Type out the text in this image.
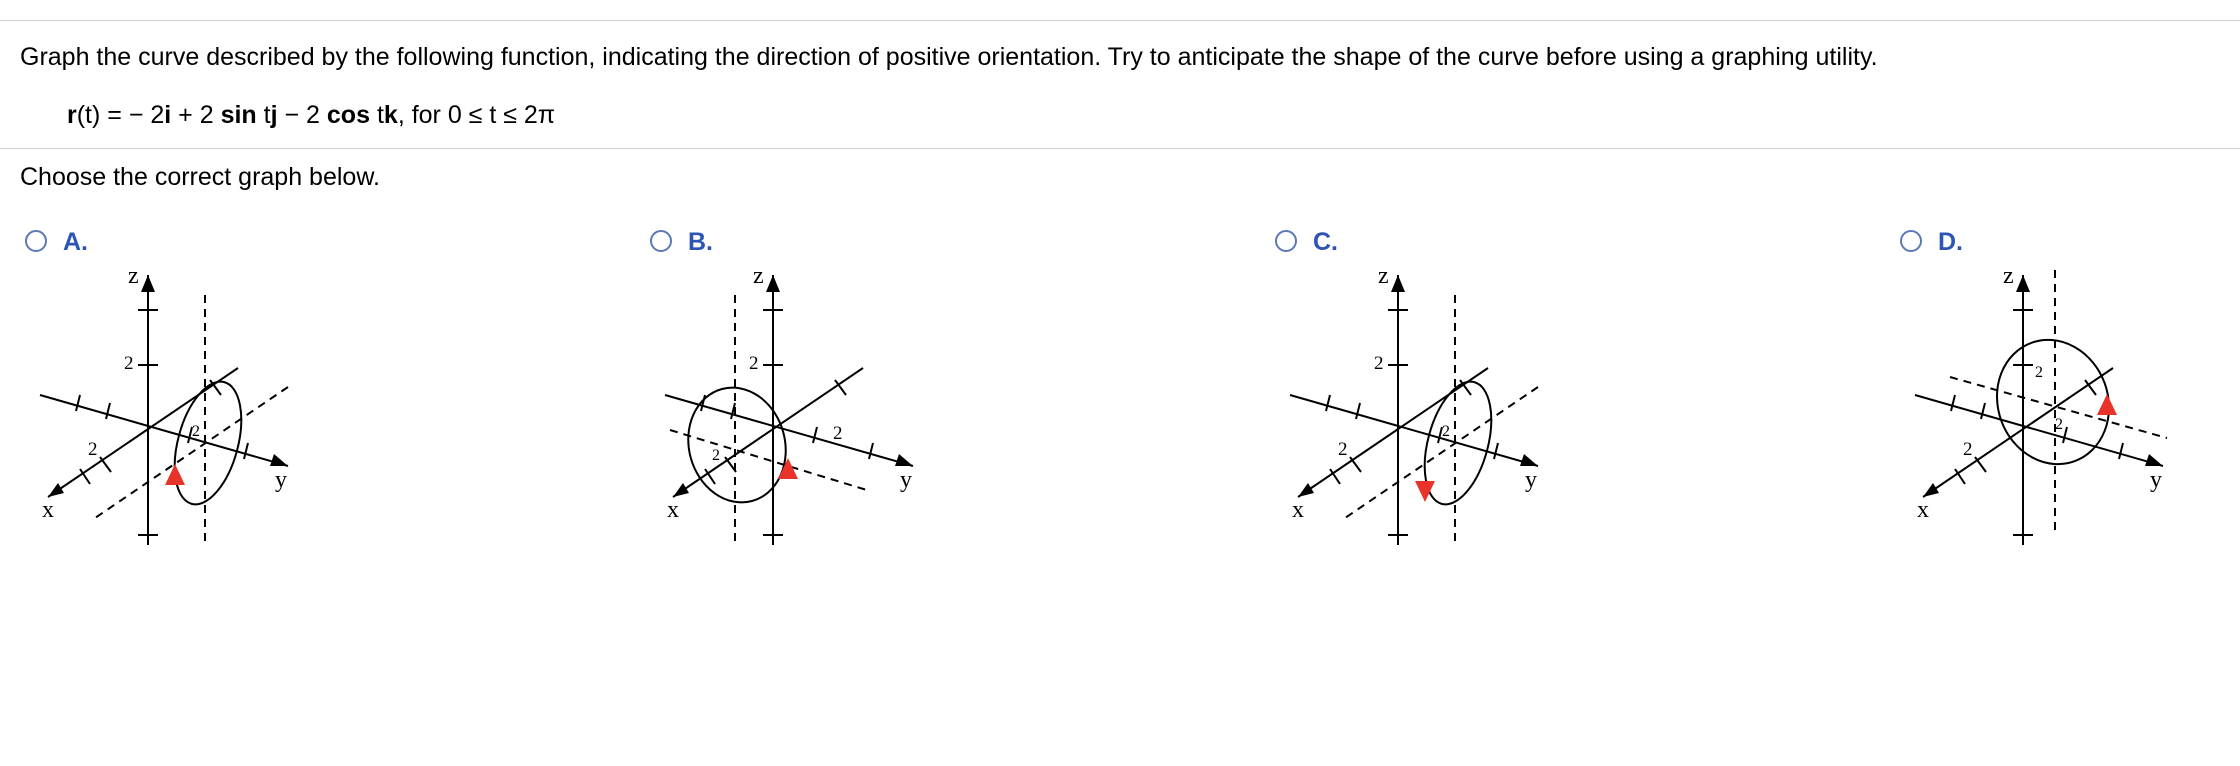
Graph the curve described by the following function, indicating the direction of positive orientation. Try to anticipate the shape of the curve before using a graphing utility.
r(t) = − 2i + 2 sin tj − 2 cos tk, for 0 ≤ t ≤ 2π
Choose the correct graph below.
A.
z
y
x
2
2
2
B.
z
y
x
2
2
2
C.
z
y
x
2
2
2
D.
z
y
x
2
2
2
